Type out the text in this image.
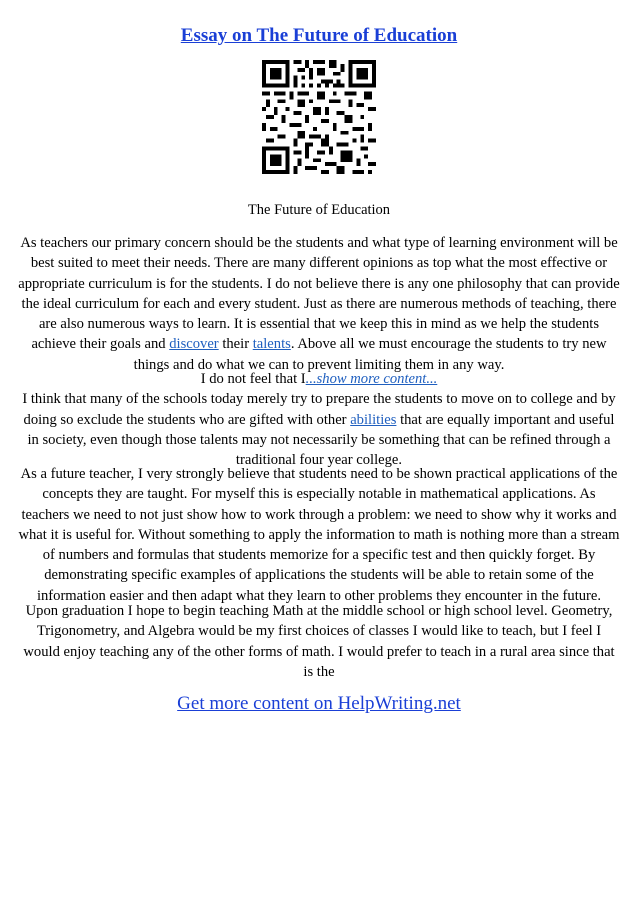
Essay on The Future of Education
The Future of Education

As teachers our primary concern should be the students and what type of learning environment will be best suited to meet their needs. There are many different opinions as top what the most effective or appropriate curriculum is for the students. I do not believe there is any one philosophy that can provide the ideal curriculum for each and every student. Just as there are numerous methods of teaching, there are also numerous ways to learn. It is essential that we keep this in mind as we help the students achieve their goals and discover their talents. Above all we must encourage the students to try new things and do what we can to prevent limiting them in any way.

I do not feel that I...show more content...

I think that many of the schools today merely try to prepare the students to move on to college and by doing so exclude the students who are gifted with other abilities that are equally important and useful in society, even though those talents may not necessarily be something that can be refined through a traditional four year college.

As a future teacher, I very strongly believe that students need to be shown practical applications of the concepts they are taught. For myself this is especially notable in mathematical applications. As teachers we need to not just show how to work through a problem: we need to show why it works and what it is useful for. Without something to apply the information to math is nothing more than a stream of numbers and formulas that students memorize for a specific test and then quickly forget. By demonstrating specific examples of applications the students will be able to retain some of the information easier and then adapt what they learn to other problems they encounter in the future.

Upon graduation I hope to begin teaching Math at the middle school or high school level. Geometry, Trigonometry, and Algebra would be my first choices of classes I would like to teach, but I feel I would enjoy teaching any of the other forms of math. I would prefer to teach in a rural area since that is the

Get more content on HelpWriting.net
